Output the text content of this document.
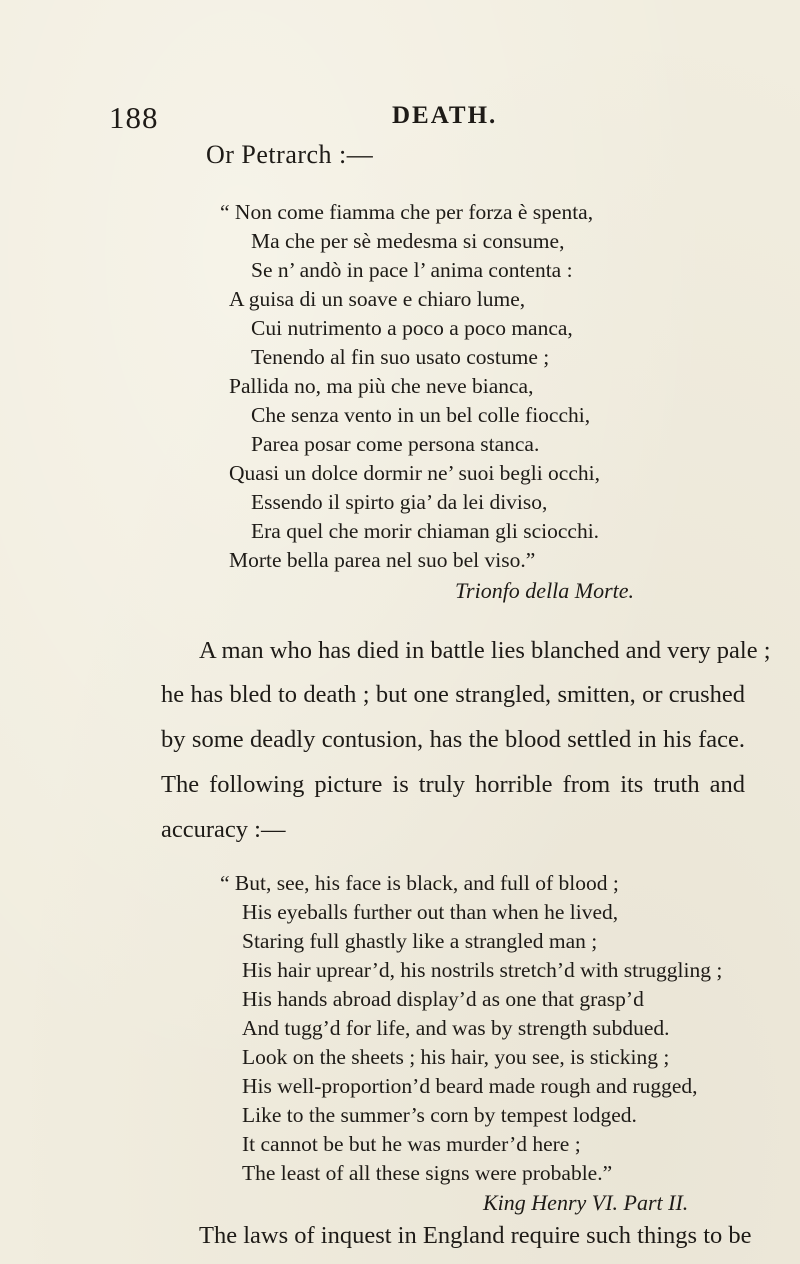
188	DEATH.
Or Petrarch :—
“ Non come fiamma che per forza è spenta,
Ma che per sè medesma si consume,
Se n’ andò in pace l’ anima contenta :
A guisa di un soave e chiaro lume,
Cui nutrimento a poco a poco manca,
Tenendo al fin suo usato costume ;
Pallida no, ma più che neve bianca,
Che senza vento in un bel colle fiocchi,
Parea posar come persona stanca.
Quasi un dolce dormir ne’ suoi begli occhi,
Essendo il spirto gia’ da lei diviso,
Era quel che morir chiaman gli sciocchi.
Morte bella parea nel suo bel viso.”
Trionfo della Morte.
A man who has died in battle lies blanched and very pale ;
he has bled to death ; but one strangled, smitten, or crushed
by some deadly contusion, has the blood settled in his face.
The following picture is truly horrible from its truth and
accuracy :—
“ But, see, his face is black, and full of blood ;
His eyeballs further out than when he lived,
Staring full ghastly like a strangled man ;
His hair uprear’d, his nostrils stretch’d with struggling ;
His hands abroad display’d as one that grasp’d
And tugg’d for life, and was by strength subdued.
Look on the sheets ; his hair, you see, is sticking ;
His well-proportion’d beard made rough and rugged,
Like to the summer’s corn by tempest lodged.
It cannot be but he was murder’d here ;
The least of all these signs were probable.”
King Henry VI. Part II.
The laws of inquest in England require such things to be
